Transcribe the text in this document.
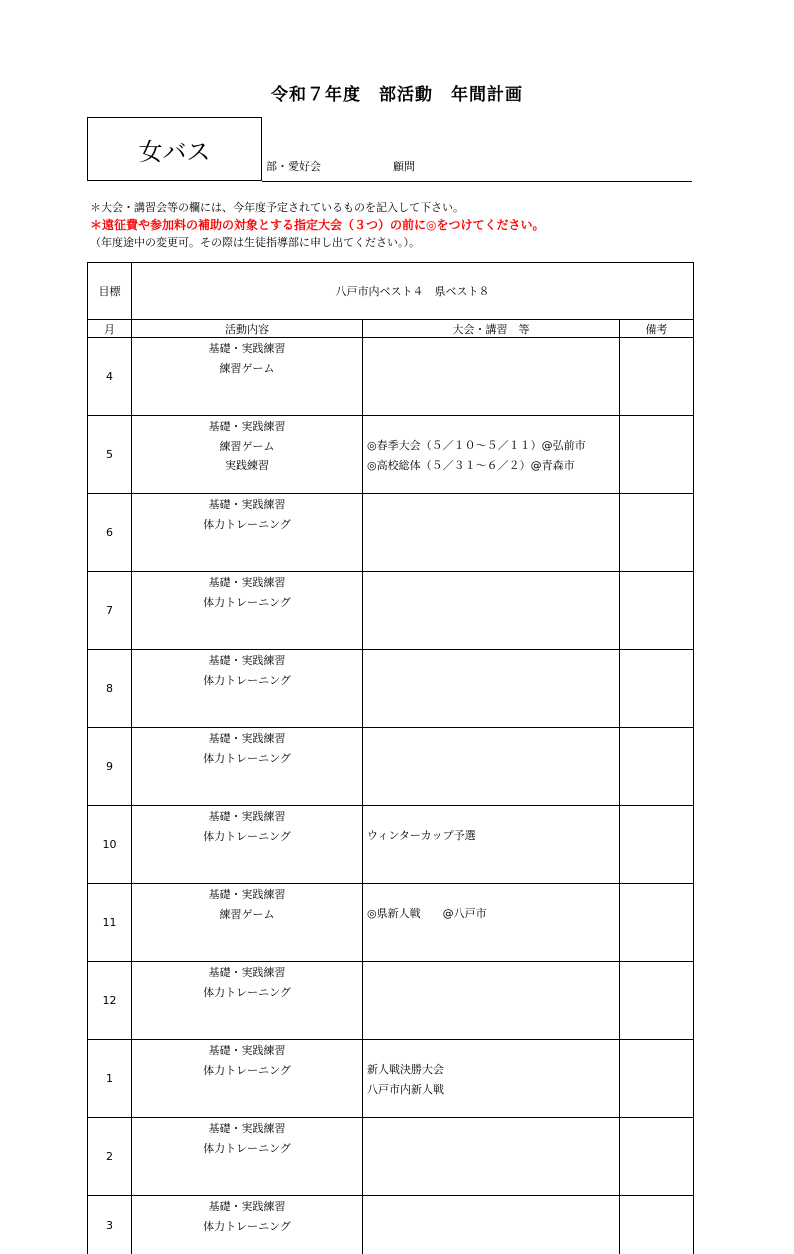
令和７年度　部活動　年間計画
女バス
部・愛好会	顧問
＊大会・講習会等の欄には、今年度予定されているものを記入して下さい。
＊遠征費や参加料の補助の対象とする指定大会（３つ）の前に◎をつけてください。
（年度途中の変更可。その際は生徒指導部に申し出てください。）。
目標	八戸市内ベスト４　県ベスト８		
月	活動内容	大会・講習　等	備考
4	基礎・実践練習
練習ゲーム		

5	基礎・実践練習
練習ゲーム
実践練習	◎春季大会（５／１０～５／１１）@弘前市
◎高校総体（５／３１～６／２）@青森市	

6	基礎・実践練習
体力トレーニング		

7	基礎・実践練習
体力トレーニング		

8	基礎・実践練習
体力トレーニング		

9	基礎・実践練習
体力トレーニング		

10	基礎・実践練習
体力トレーニング	ウィンターカップ予選	

11	基礎・実践練習
練習ゲーム	◎県新人戦　　@八戸市	

12	基礎・実践練習
体力トレーニング		

1	基礎・実践練習
体力トレーニング	新人戦決勝大会
八戸市内新人戦	

2	基礎・実践練習
体力トレーニング		

3	基礎・実践練習
体力トレーニング		
